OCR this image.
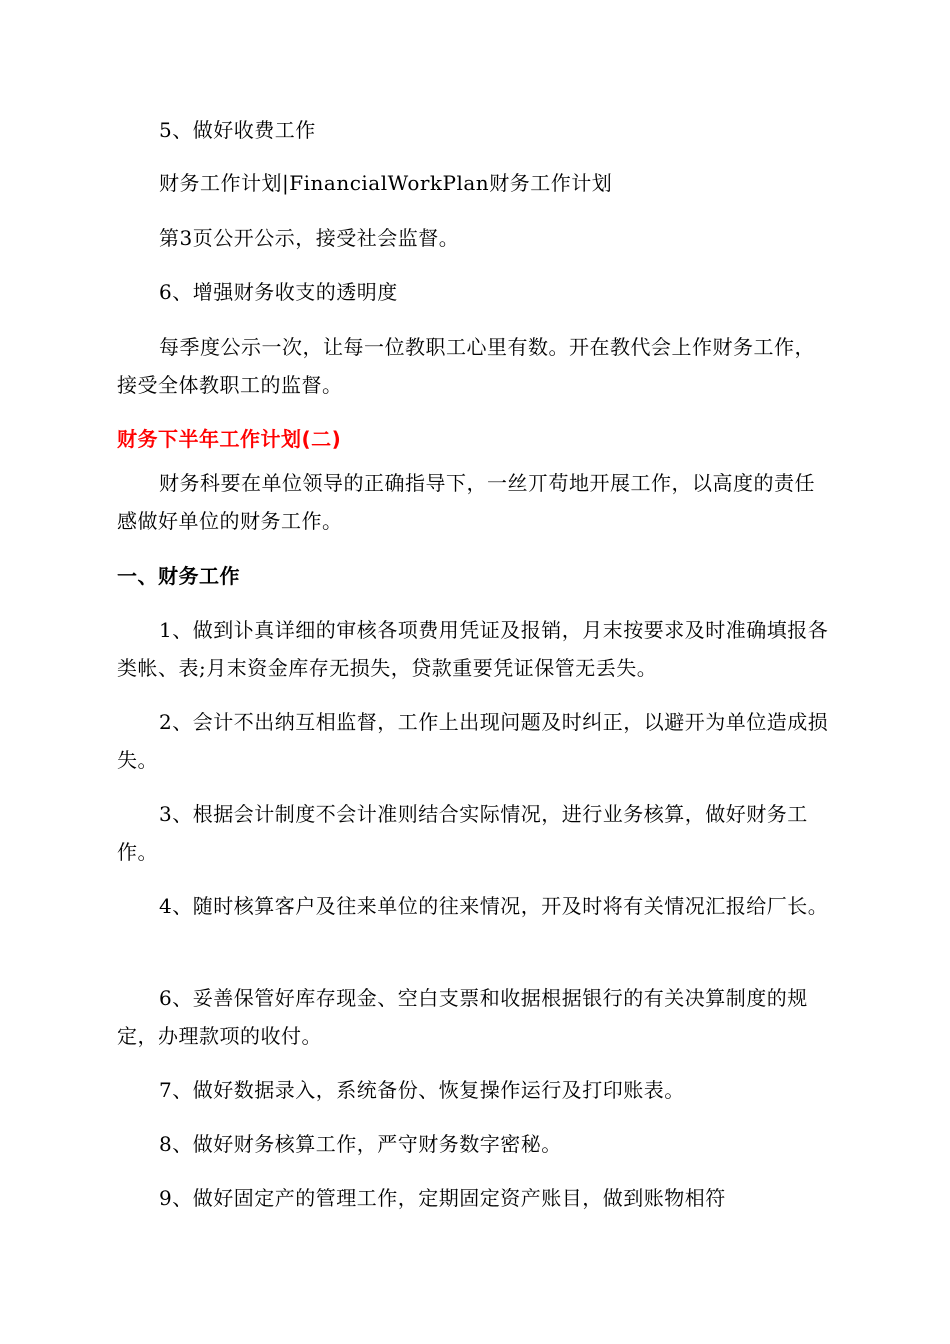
5、做好收费工作

财务工作计划|FinancialWorkPlan财务工作计划

第3页公开公示，接受社会监督。

6、增强财务收支的透明度

每季度公示一次，让每一位教职工心里有数。开在教代会上作财务工作，接受全体教职工的监督。

财务下半年工作计划(二)

财务科要在单位领导的正确指导下，一丝丌苟地开展工作，以高度的责任感做好单位的财务工作。

一、财务工作

1、做到讣真详细的审核各项费用凭证及报销，月末按要求及时准确填报各类帐、表;月末资金库存无损失，贷款重要凭证保管无丢失。

2、会计不出纳互相监督，工作上出现问题及时纠正，以避开为单位造成损失。

3、根据会计制度不会计准则结合实际情况，进行业务核算，做好财务工作。

4、随时核算客户及往来单位的往来情况，开及时将有关情况汇报给厂长。

6、妥善保管好库存现金、空白支票和收据根据银行的有关决算制度的规定，办理款项的收付。

7、做好数据录入，系统备份、恢复操作运行及打印账表。

8、做好财务核算工作，严守财务数字密秘。

9、做好固定产的管理工作，定期固定资产账目，做到账物相符
